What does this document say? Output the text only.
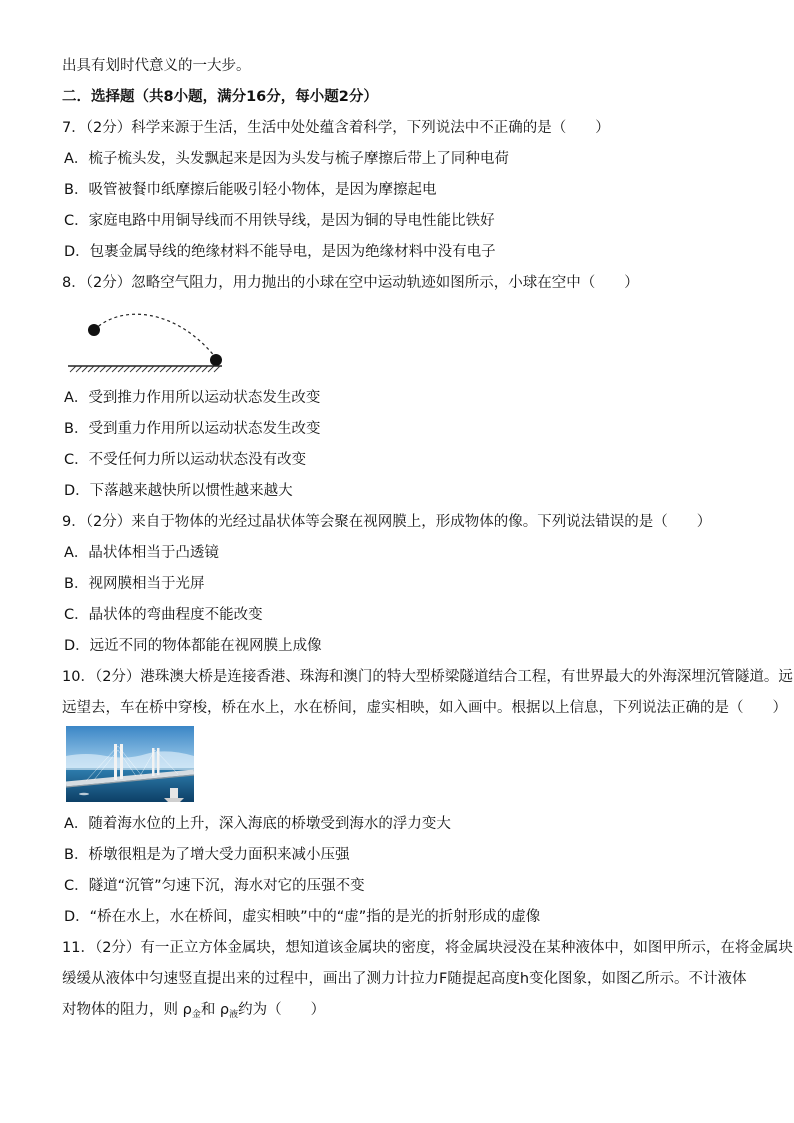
出具有划时代意义的一大步。
二．选择题（共8小题，满分16分，每小题2分）
7．（2分）科学来源于生活，生活中处处蕴含着科学，下列说法中不正确的是（　　）
A．梳子梳头发，头发飘起来是因为头发与梳子摩擦后带上了同种电荷
B．吸管被餐巾纸摩擦后能吸引轻小物体，是因为摩擦起电
C．家庭电路中用铜导线而不用铁导线，是因为铜的导电性能比铁好
D．包裹金属导线的绝缘材料不能导电，是因为绝缘材料中没有电子
8．（2分）忽略空气阻力，用力抛出的小球在空中运动轨迹如图所示，小球在空中（　　）
A．受到推力作用所以运动状态发生改变
B．受到重力作用所以运动状态发生改变
C．不受任何力所以运动状态没有改变
D．下落越来越快所以惯性越来越大
9．（2分）来自于物体的光经过晶状体等会聚在视网膜上，形成物体的像。下列说法错误的是（　　）
A．晶状体相当于凸透镜
B．视网膜相当于光屏
C．晶状体的弯曲程度不能改变
D．远近不同的物体都能在视网膜上成像
10．（2分）港珠澳大桥是连接香港、珠海和澳门的特大型桥梁隧道结合工程，有世界最大的外海深埋沉管隧道。远
远望去，车在桥中穿梭，桥在水上，水在桥间，虚实相映，如入画中。根据以上信息，下列说法正确的是（　　）
A．随着海水位的上升，深入海底的桥墩受到海水的浮力变大
B．桥墩很粗是为了增大受力面积来减小压强
C．隧道“沉管”匀速下沉，海水对它的压强不变
D．“桥在水上，水在桥间，虚实相映”中的“虚”指的是光的折射形成的虚像
11．（2分）有一正立方体金属块，想知道该金属块的密度，将金属块浸没在某种液体中，如图甲所示，在将金属块
缓缓从液体中匀速竖直提出来的过程中，画出了测力计拉力F随提起高度h变化图象，如图乙所示。不计液体
对物体的阻力，则 $\rho_金$和 $\rho_液$约为（　　）
